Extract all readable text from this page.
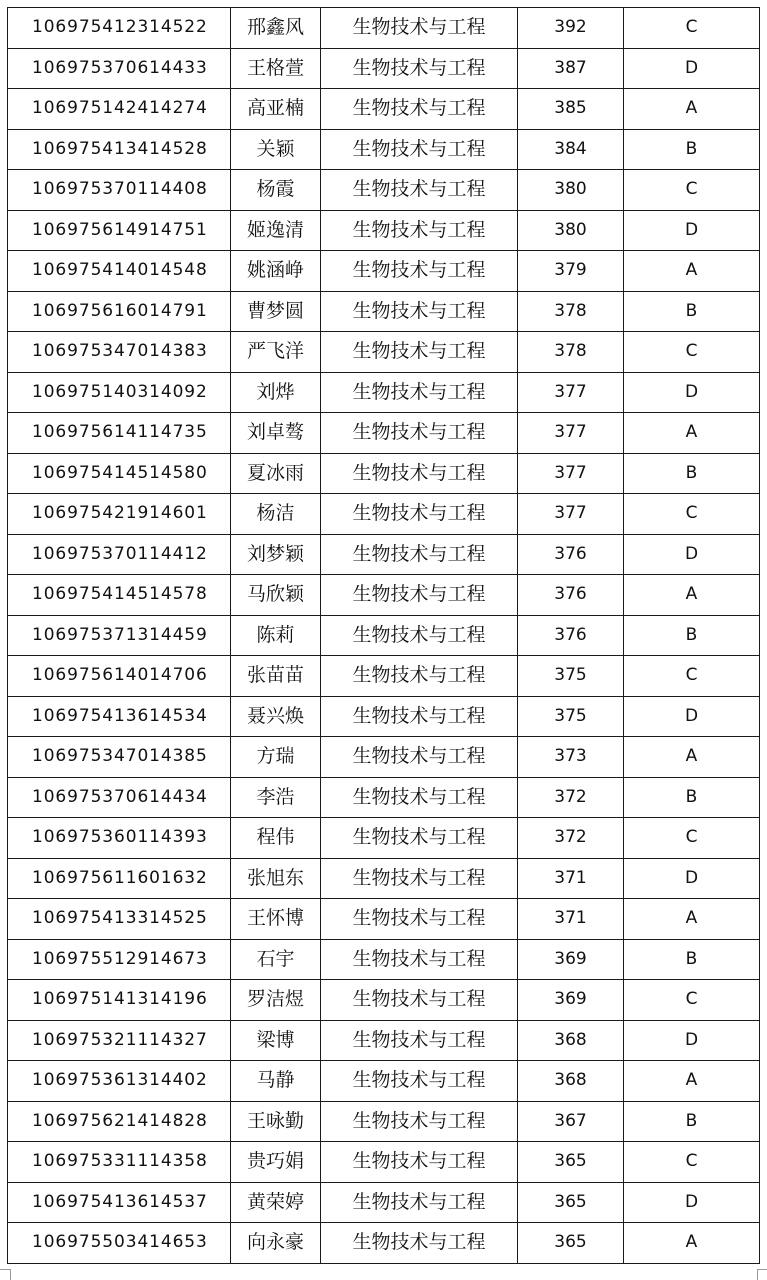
106975412314522	邢鑫风	生物技术与工程	392	C
106975370614433	王格萱	生物技术与工程	387	D
106975142414274	高亚楠	生物技术与工程	385	A
106975413414528	关颖	生物技术与工程	384	B
106975370114408	杨霞	生物技术与工程	380	C
106975614914751	姬逸清	生物技术与工程	380	D
106975414014548	姚涵峥	生物技术与工程	379	A
106975616014791	曹梦圆	生物技术与工程	378	B
106975347014383	严飞洋	生物技术与工程	378	C
106975140314092	刘烨	生物技术与工程	377	D
106975614114735	刘卓骜	生物技术与工程	377	A
106975414514580	夏冰雨	生物技术与工程	377	B
106975421914601	杨洁	生物技术与工程	377	C
106975370114412	刘梦颖	生物技术与工程	376	D
106975414514578	马欣颖	生物技术与工程	376	A
106975371314459	陈莉	生物技术与工程	376	B
106975614014706	张苗苗	生物技术与工程	375	C
106975413614534	聂兴焕	生物技术与工程	375	D
106975347014385	方瑞	生物技术与工程	373	A
106975370614434	李浩	生物技术与工程	372	B
106975360114393	程伟	生物技术与工程	372	C
106975611601632	张旭东	生物技术与工程	371	D
106975413314525	王怀博	生物技术与工程	371	A
106975512914673	石宇	生物技术与工程	369	B
106975141314196	罗洁煜	生物技术与工程	369	C
106975321114327	梁博	生物技术与工程	368	D
106975361314402	马静	生物技术与工程	368	A
106975621414828	王咏勤	生物技术与工程	367	B
106975331114358	贵巧娟	生物技术与工程	365	C
106975413614537	黄荣婷	生物技术与工程	365	D
106975503414653	向永豪	生物技术与工程	365	A
